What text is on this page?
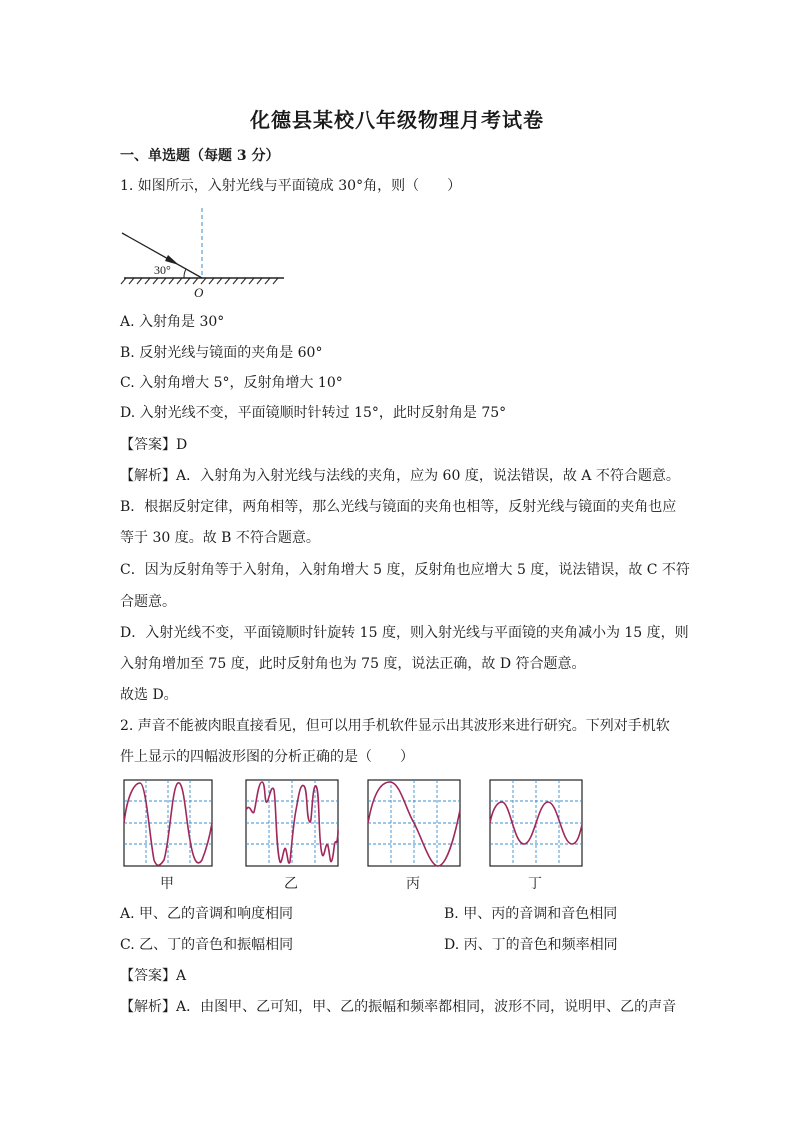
化德县某校八年级物理月考试卷
一、单选题（每题 3 分）
1. 如图所示，入射光线与平面镜成 30°角，则（　　）
30°
O
A. 入射角是 30°
B. 反射光线与镜面的夹角是 60°
C. 入射角增大 5°，反射角增大 10°
D. 入射光线不变，平面镜顺时针转过 15°，此时反射角是 75°
【答案】D
【解析】A．入射角为入射光线与法线的夹角，应为 60 度，说法错误，故 A 不符合题意。
B．根据反射定律，两角相等，那么光线与镜面的夹角也相等，反射光线与镜面的夹角也应
等于 30 度。故 B 不符合题意。
C．因为反射角等于入射角，入射角增大 5 度，反射角也应增大 5 度，说法错误，故 C 不符
合题意。
D．入射光线不变，平面镜顺时针旋转 15 度，则入射光线与平面镜的夹角减小为 15 度，则
入射角增加至 75 度，此时反射角也为 75 度，说法正确，故 D 符合题意。
故选 D。
2. 声音不能被肉眼直接看见，但可以用手机软件显示出其波形来进行研究。下列对手机软
件上显示的四幅波形图的分析正确的是（　　）
甲	乙	丙	丁
A. 甲、乙的音调和响度相同	B. 甲、丙的音调和音色相同
C. 乙、丁的音色和振幅相同	D. 丙、丁的音色和频率相同
【答案】A
【解析】A．由图甲、乙可知，甲、乙的振幅和频率都相同，波形不同，说明甲、乙的声音
